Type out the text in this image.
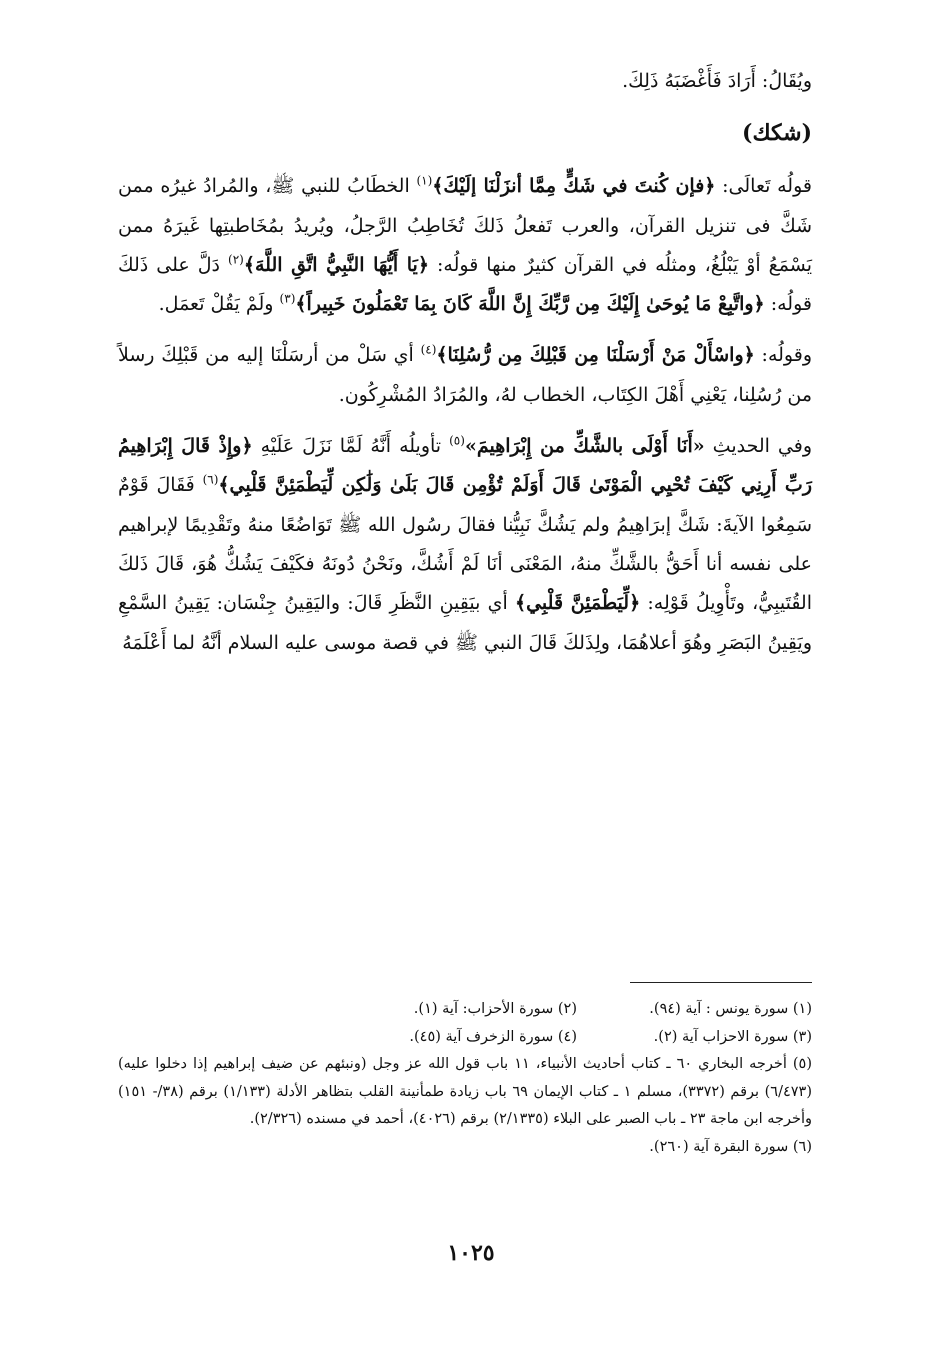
ويُقَالُ: أَرَادَ فَأَغْضَبَهُ ذَلِكَ.

(شكك)

قولُه تَعالَى: ﴿فإن كُنتَ في شَكٍّ مِمَّا أنزَلْنَا إلَيْكَ﴾$^{(١)}$ الخطَابُ للنبي ﷺ، والمُرادُ غيرُه ممن شَكَّ فى تنزيل القرآن، والعرب تَفعلُ ذَلكَ تُخَاطِبُ الرَّجلُ، ويُريدُ بمُخَاطبتِها غَيرَهُ ممن يَسْمَعُ أوْ يَبْلُغُ، ومثلُه في القرآن كثيرٌ منها قولُه: ﴿يَا أَيُّهَا النَّبِيُّ اتَّقِ اللَّهَ﴾$^{(٢)}$ دَلَّ على ذَلكَ قولُه: ﴿واتَّبِعْ مَا يُوحَىٰ إِلَيْكَ مِن رَّبِّكَ إِنَّ اللَّهَ كَانَ بِمَا تَعْمَلُونَ خَبِيراً﴾$^{(٣)}$ ولَمْ يَقُلْ تَعمَل.

وقولُه: ﴿واسْأَلْ مَنْ أَرْسَلْنَا مِن قَبْلِكَ مِن رُّسُلِنَا﴾$^{(٤)}$ أي سَلْ من أرسَلْنَا إليه من قَبْلِكَ رسلاً من رُسُلِنا، يَعْنِي أَهْلَ الكِتَاب، الخطاب لهُ، والمُرَادُ المُشْرِكُون.

وفي الحديثِ «أَنَا أَوْلَى بالشَّكِّ من إِبْرَاهِيمَ»$^{(٥)}$ تأويلُه أَنَّهُ لَمَّا نَزَلَ عَلَيْهِ ﴿وإِذْ قَالَ إِبْرَاهِيمُ رَبِّ أَرِنِي كَيْفَ تُحْيِي الْمَوْتَىٰ قَالَ أَوَلَمْ تُؤْمِن قَالَ بَلَىٰ وَلَٰكِن لِّيَطْمَئِنَّ قَلْبِي﴾$^{(٦)}$ فَقَالَ قَوْمٌ سَمِعُوا الآيةَ: شَكَّ إبرَاهِيمُ ولم يَشُكَّ نَبِيُّنا فقالَ رسُول الله ﷺ تَوَاضُعًا منهُ وتَقْدِيمًا لإبراهيم على نفسه أنا أَحَقُّ بالشَّكِّ منهُ، المَعْنَى أنَا لَمْ أَشُكَّ، ونَحْنُ دُونَهُ فكَيْفَ يَشُكُّ هُوَ، قَالَ ذَلكَ القُتَيبِيُّ، وتَأْوِيلُ قَوْلِه: ﴿لِّيَطْمَئِنَّ قَلْبِي﴾ أي بيَقِينِ النَّظَرِ قَالَ: واليَقِينُ جِنْسَان: يَقِينُ السَّمْعِ ويَقِينُ البَصَرِ وهُوَ أعلاهُمَا، ولِذَلكَ قَالَ النبي ﷺ في قصة موسى عليه السلام أنَّهُ لما أَعْلَمَهُ

(١) سورة يونس : آية (٩٤).
(٢) سورة الأحزاب: آية (١).
(٣) سورة الاحزاب آية (٢).
(٤) سورة الزخرف آية (٤٥).

(٥) أخرجه البخاري ٦٠ ـ كتاب أحاديث الأنبياء، ١١ باب قول الله عز وجل (ونبئهم عن ضيف إبراهيم إذا دخلوا عليه) (٦/٤٧٣) برقم (٣٣٧٢)، مسلم ١ ـ كتاب الإيمان ٦٩ باب زيادة طمأنينة القلب بتظاهر الأدلة (١/١٣٣) برقم (٣٨/- ١٥١) وأخرجه ابن ماجة ٢٣ ـ باب الصبر على البلاء (٢/١٣٣٥) برقم (٤٠٢٦)، أحمد في مسنده (٢/٣٢٦).

(٦) سورة البقرة آية (٢٦٠).

١٠٢٥
